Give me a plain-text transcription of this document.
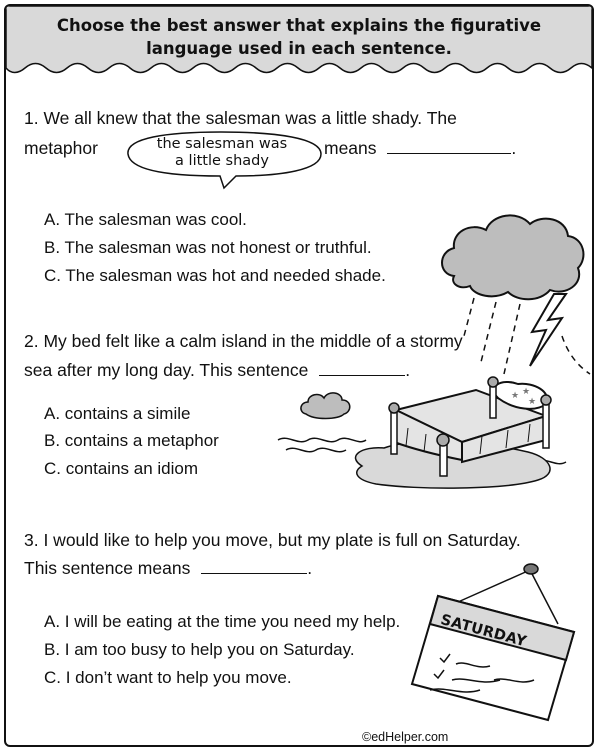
Choose the best answer that explains the figurative
language used in each sentence.
1. We all knew that the salesman was a little shady. The
metaphor	the salesman was
a little shady
means	.
A. The salesman was cool.
B. The salesman was not honest or truthful.
C. The salesman was hot and needed shade.
2. My bed felt like a calm island in the middle of a stormy
sea after my long day. This sentence	.
A. contains a simile
B. contains a metaphor
C. contains an idiom
★ ★
★
3. I would like to help you move, but my plate is full on Saturday.
This sentence means	.
A. I will be eating at the time you need my help.
B. I am too busy to help you on Saturday.
C. I don’t want to help you move.
SATURDAY
©edHelper.com
